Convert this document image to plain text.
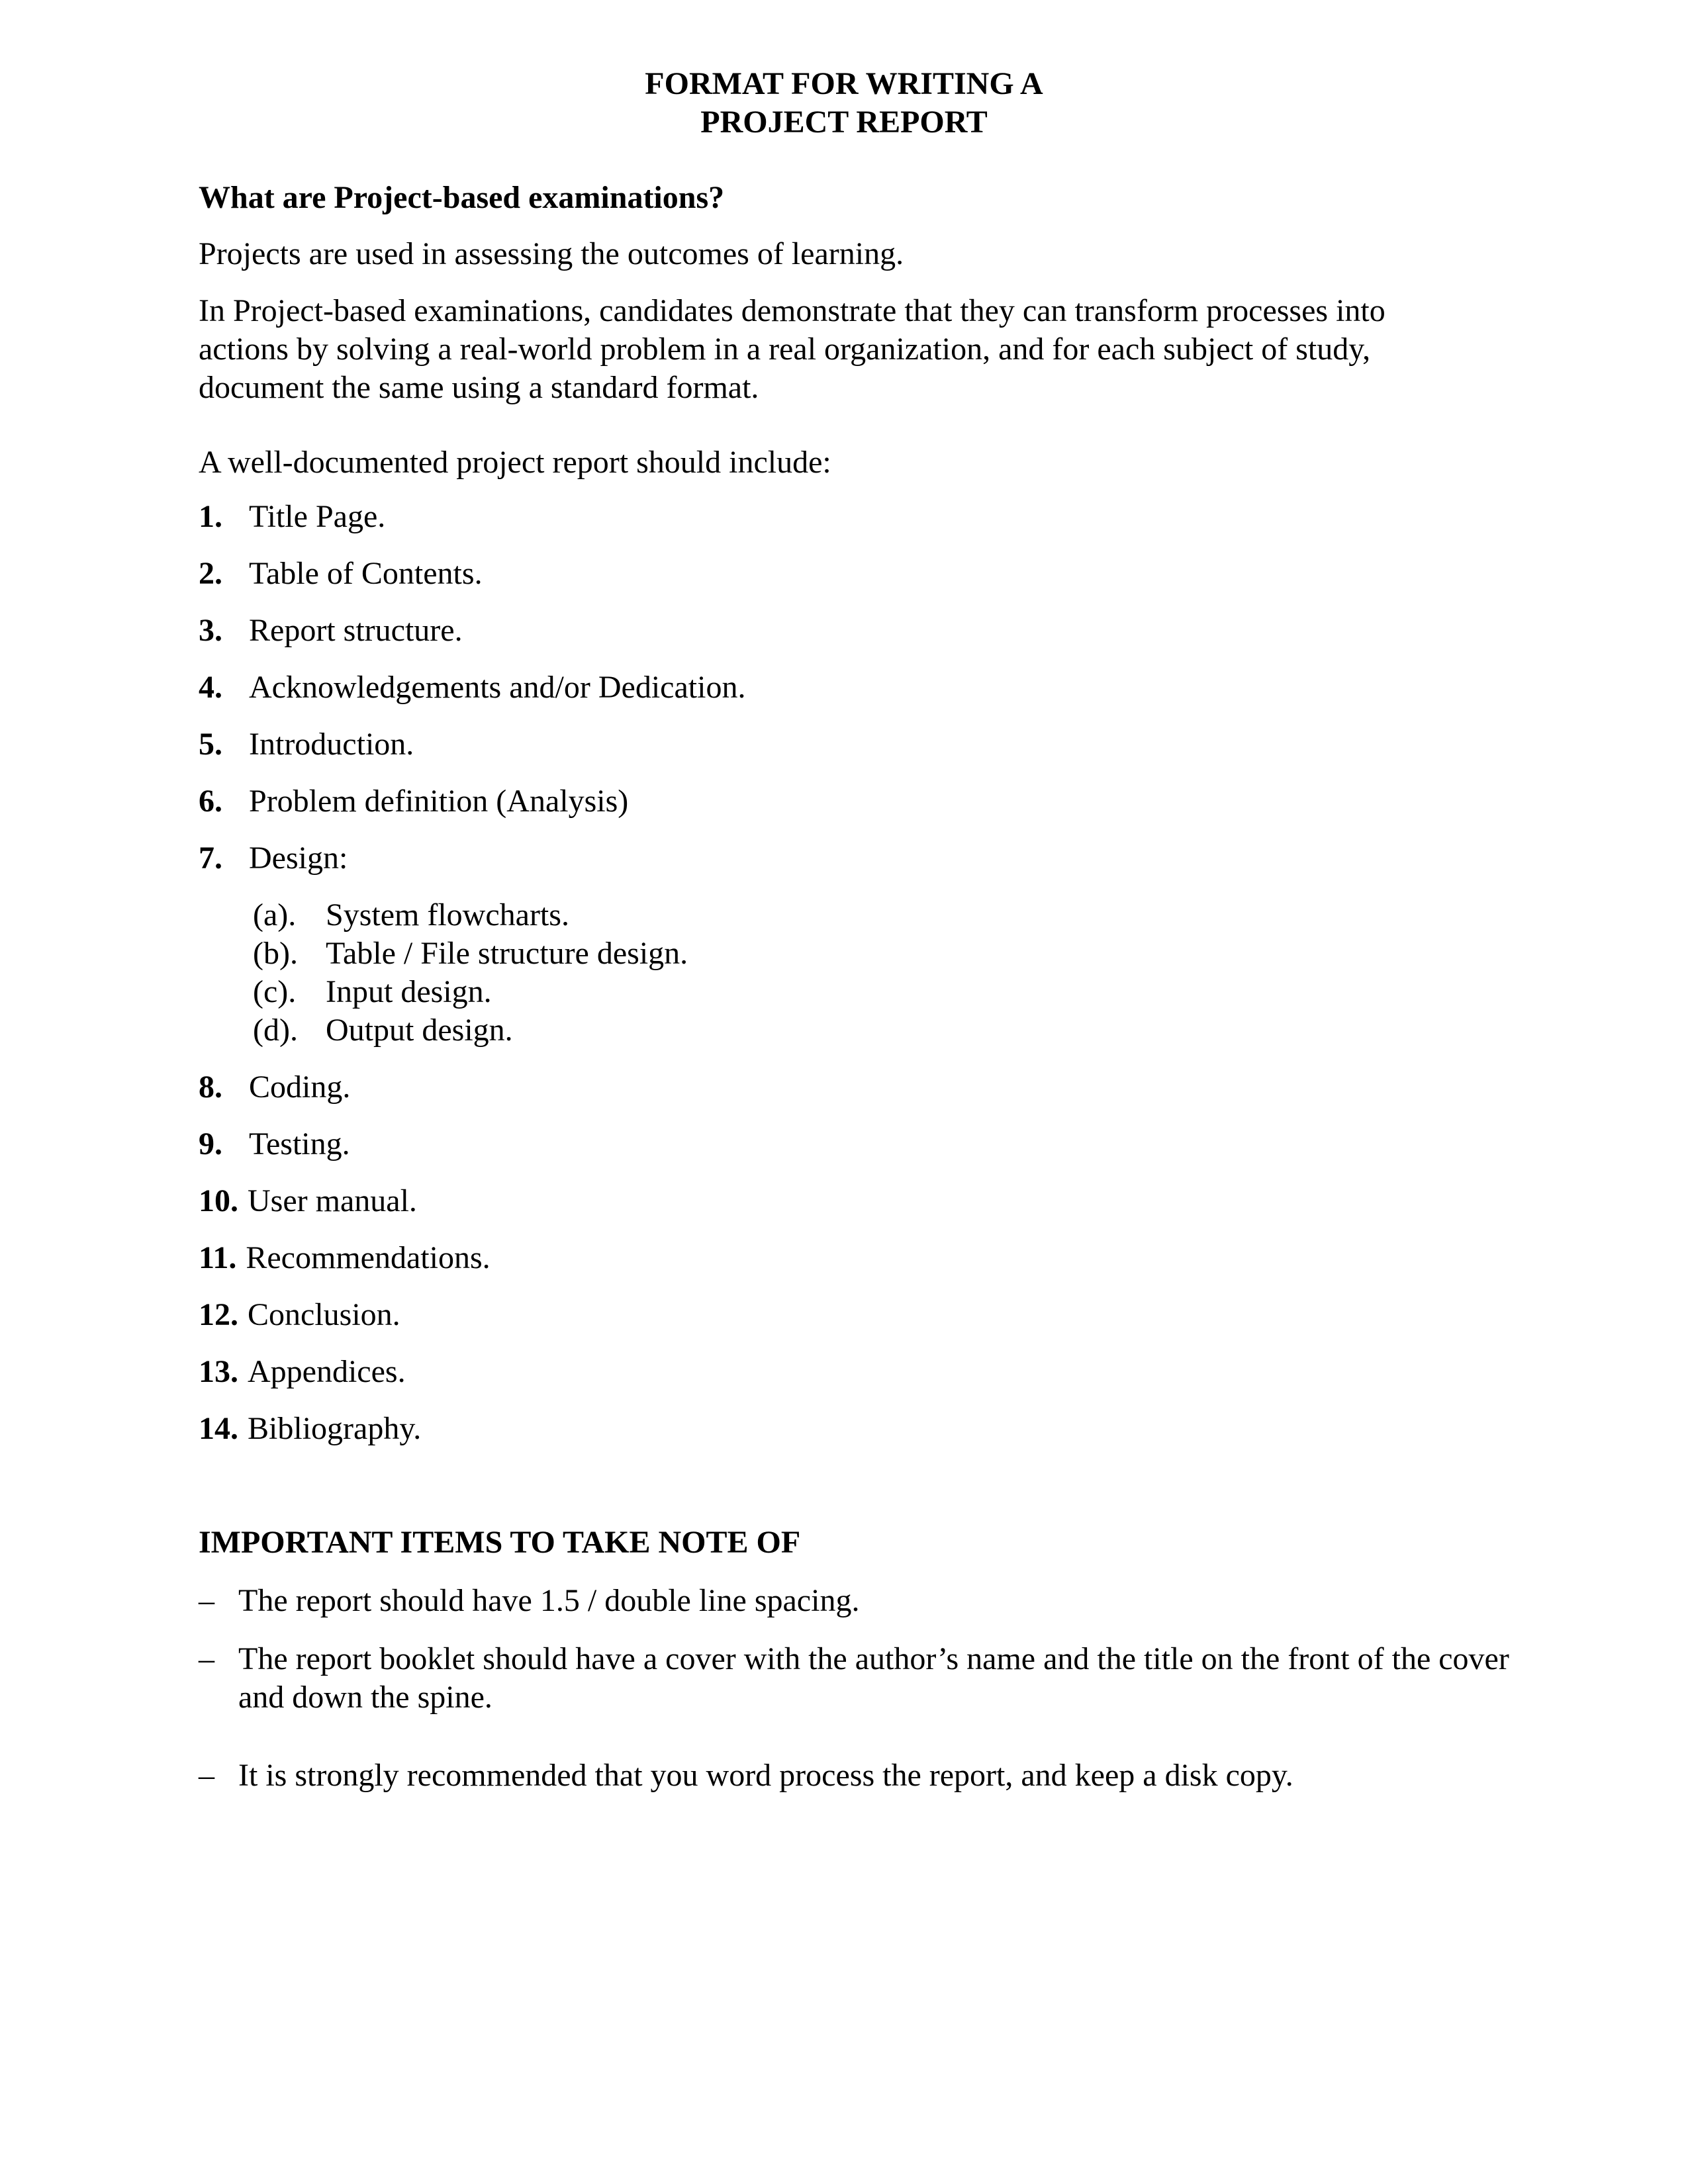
FORMAT FOR WRITING A
PROJECT REPORT
What are Project-based examinations?
Projects are used in assessing the outcomes of learning.
In Project-based examinations, candidates demonstrate that they can transform processes into actions by solving a real-world problem in a real organization, and for each subject of study, document the same using a standard format.
A well-documented project report should include:
1. Title Page.
2. Table of Contents.
3. Report structure.
4. Acknowledgements and/or Dedication.
5. Introduction.
6. Problem definition (Analysis)
7. Design:
(a). System flowcharts.
(b). Table / File structure design.
(c). Input design.
(d). Output design.
8. Coding.
9. Testing.
10. User manual.
11. Recommendations.
12. Conclusion.
13. Appendices.
14. Bibliography.
IMPORTANT ITEMS TO TAKE NOTE OF
– The report should have 1.5 / double line spacing.
– The report booklet should have a cover with the author’s name and the title on the front of the cover and down the spine.
– It is strongly recommended that you word process the report, and keep a disk copy.
